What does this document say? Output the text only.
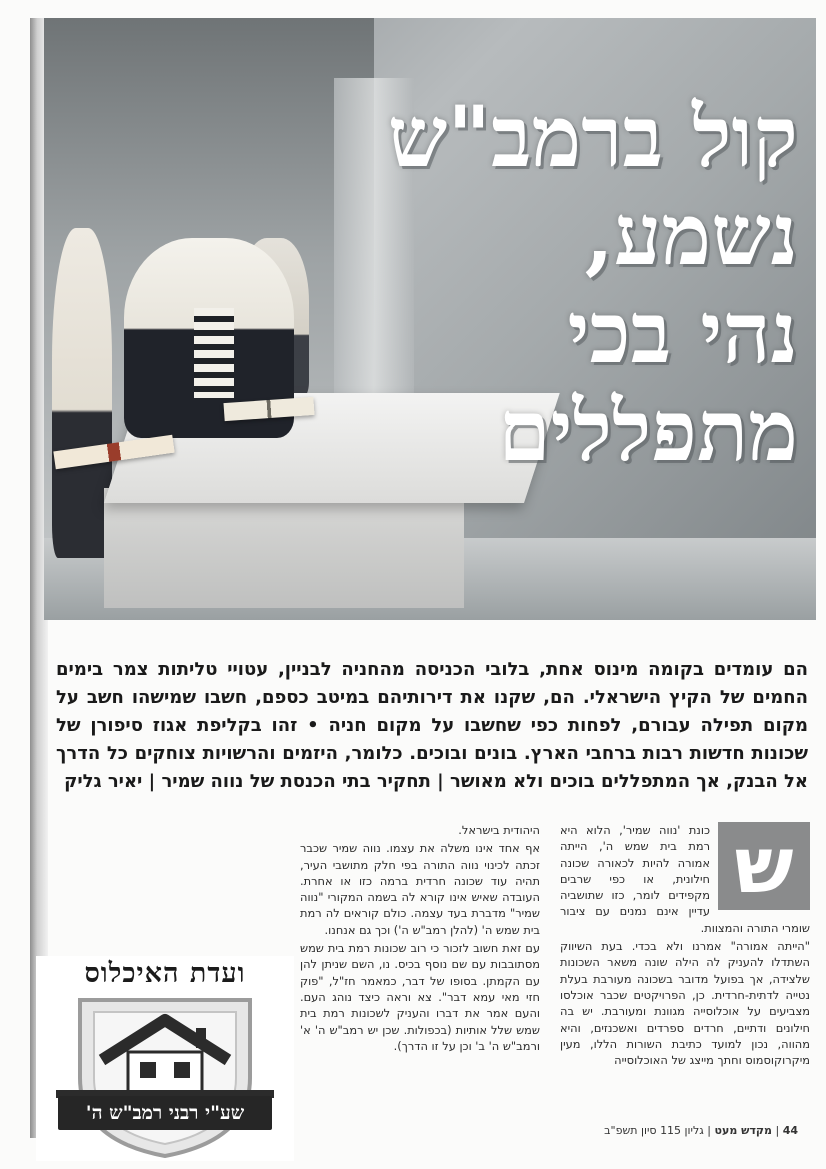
קול ברמב"ש
נשמע,
נהי בכי
מתפללים
הם עומדים בקומה מינוס אחת, בלובי הכניסה מהחניה לבניין, עטויי טליתות צמר בימים החמים של הקיץ הישראלי. הם, שקנו את דירותיהם במיטב כספם, חשבו שמישהו חשב על מקום תפילה עבורם, לפחות כפי שחשבו על מקום חניה • זהו בקליפת אגוז סיפורן של שכונות חדשות רבות ברחבי הארץ. בונים ובוכים. כלומר, היזמים והרשויות צוחקים כל הדרך אל הבנק, אך המתפללים בוכים ולא מאושר | תחקיר בתי הכנסת של נווה שמיר | יאיר גליק
ש

כונת 'נווה שמיר', הלוא היא רמת בית שמש ה', הייתה אמורה להיות לכאורה שכונה חילונית, או כפי שרבים מקפידים לומר, כזו שתושביה עדיין אינם נמנים עם ציבור שומרי התורה והמצוות.

"הייתה אמורה" אמרנו ולא בכדי. בעת השיווק השתדלו להעניק לה הילה שונה משאר השכונות שלצידה, אך בפועל מדובר בשכונה מעורבת בעלת נטייה לדתית-חרדית. כן, הפרויקטים שכבר אוכלסו מצביעים על אוכלוסייה מגוונת ומעורבת. יש בה חילונים ודתיים, חרדים ספרדים ואשכנזים, והיא מהווה, נכון למועד כתיבת השורות הללו, מעין מיקרוקוסמוס וחתך מייצג של האוכלוסייה

היהודית בישראל.

אף אחד אינו משלה את עצמו. נווה שמיר שכבר זכתה לכינוי נווה התורה בפי חלק מתושבי העיר, תהיה עוד שכונה חרדית ברמה כזו או אחרת. העובדה שאיש אינו קורא לה בשמה המקורי "נווה שמיר" מדברת בעד עצמה. כולם קוראים לה רמת בית שמש ה' (להלן רמב"ש ה') וכך גם אנחנו.

עם זאת חשוב לזכור כי רוב שכונות רמת בית שמש מסתובבות עם שם נוסף בכיס. נו, השם שניתן להן עם הקמתן. בסופו של דבר, כמאמר חז"ל, "פוק חזי מאי עמא דבר". צא וראה כיצד נוהג העם. והעם אמר את דברו והעניק לשכונות רמת בית שמש שלל אותיות (בכפולות. שכן יש רמב"ש ה' א' ורמב"ש ה' ב' וכן על זו הדרך).

ועדת האיכלוס
שע"י רבני רמב"ש ה'
44 | מקדש מעט | גליון 115 סיון תשפ"ב
